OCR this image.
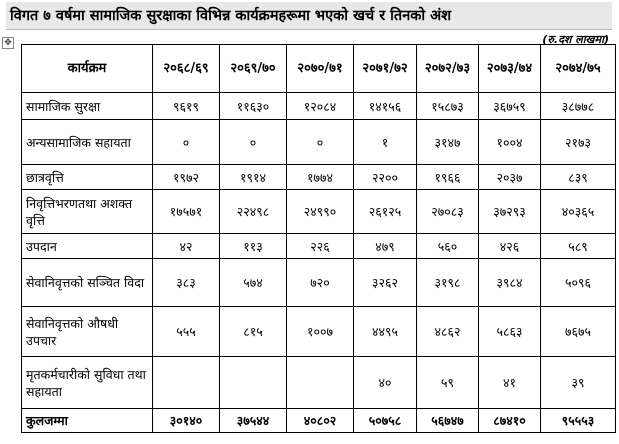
विगत ७ वर्षमा सामाजिक सुरक्षाका विभिन्न कार्यक्रमहरूमा भएको खर्च र तिनको अंश
(रु.दश लाखमा)
✥
कार्यक्रम	२०६८/६९	२०६९/७०	२०७०/७१	२०७१/७२	२०७२/७३	२०७३/७४	२०७४/७५
सामाजिक सुरक्षा	९६१९	११६३०	१२०८४	१४१५६	१५८७३	३६७५९	३८७७८
अन्यसामाजिक सहायता	०	०	०	१	३१४७	१००४	२१७३
छात्रवृत्ति	१९७२	१९१४	१७७४	२२००	१९६६	२०३७	८३९
निवृत्तिभरणतथा अशक्त वृत्ति	१७५७१	२२४९८	२४९९०	२६१२५	२७०८३	३७२९३	४०३६५
उपदान	४२	११३	२२६	४७९	५६०	४२६	५८९
सेवानिवृत्तको सञ्चित विदा	३८३	५७४	७२०	३२६२	३१९८	३९८४	५०९६
सेवानिवृत्तको औषधी उपचार	५५५	८१५	१००७	४४९५	४८६२	५८६३	७६७५
मृतकर्मचारीको सुविधा तथा सहायता				४०	५९	४१	३९
कुलजम्मा	३०१४०	३७५४४	४०८०२	५०७५८	५६७४७	८७४१०	९५५५३
